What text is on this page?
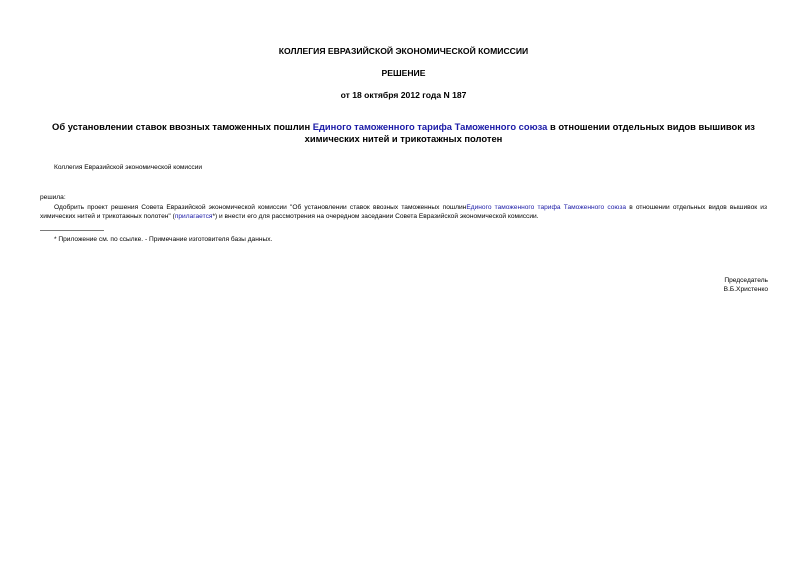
КОЛЛЕГИЯ ЕВРАЗИЙСКОЙ ЭКОНОМИЧЕСКОЙ КОМИССИИ
РЕШЕНИЕ
от 18 октября 2012 года N 187
Об установлении ставок ввозных таможенных пошлин Единого таможенного тарифа Таможенного союза в отношении отдельных видов вышивок из химических нитей и трикотажных полотен
Коллегия Евразийской экономической комиссии
решила:
Одобрить проект решения Совета Евразийской экономической комиссии "Об установлении ставок ввозных таможенных пошлинЕдиного таможенного тарифа Таможенного союза в отношении отдельных видов вышивок из химических нитей и трикотажных полотен" (прилагается*) и внести его для рассмотрения на очередном заседании Совета Евразийской экономической комиссии.
* Приложение см. по ссылке. - Примечание изготовителя базы данных.
Председатель
В.Б.Христенко
